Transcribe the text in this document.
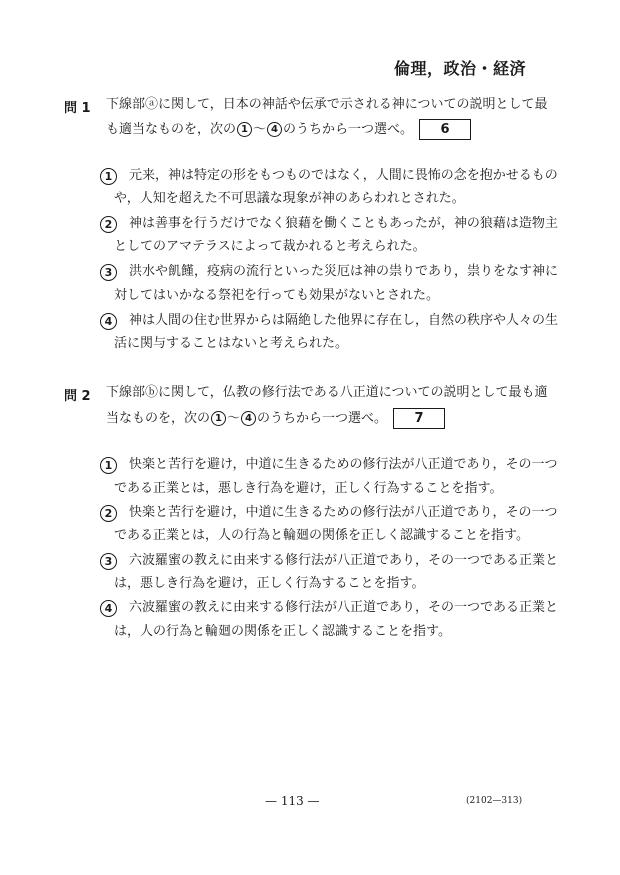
倫理，政治・経済
問 1 下線部ⓐに関して，日本の神話や伝承で示される神についての説明として最
も適当なものを，次の 1 ～ 4 のうちから一つ選べ。 6
1	元来，神は特定の形をもつものではなく，人間に畏怖の念を抱かせるもの
や，人知を超えた不可思議な現象が神のあらわれとされた。
2	神は善事を行うだけでなく狼藉を働くこともあったが，神の狼藉は造物主
としてのアマテラスによって裁かれると考えられた。
3	洪水や飢饉，疫病の流行といった災厄は神の祟りであり，祟りをなす神に
対してはいかなる祭祀を行っても効果がないとされた。
4	神は人間の住む世界からは隔絶した他界に存在し，自然の秩序や人々の生
活に関与することはないと考えられた。
問 2 下線部ⓑに関して，仏教の修行法である八正道についての説明として最も適
当なものを，次の 1 ～ 4 のうちから一つ選べ。 7
1	快楽と苦行を避け，中道に生きるための修行法が八正道であり，その一つ
である正業とは，悪しき行為を避け，正しく行為することを指す。
2	快楽と苦行を避け，中道に生きるための修行法が八正道であり，その一つ
である正業とは，人の行為と輪廻の関係を正しく認識することを指す。
3	六波羅蜜の教えに由来する修行法が八正道であり，その一つである正業と
は，悪しき行為を避け，正しく行為することを指す。
4	六波羅蜜の教えに由来する修行法が八正道であり，その一つである正業と
は，人の行為と輪廻の関係を正しく認識することを指す。
— 113 —	(2102—313)
